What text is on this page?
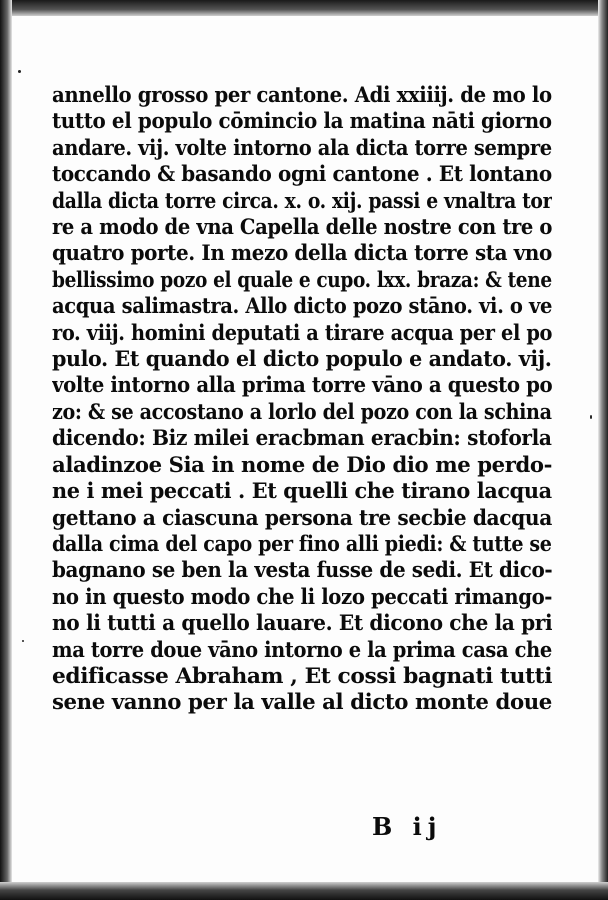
annello grosso per cantone. Adi xxiiij. de mo lo
tutto el populo cōmincio la matina nāti giorno
andare. vij. volte intorno ala dicta torre sempre
toccando & basando ogni cantone . Et lontano
dalla dicta torre circa. x. o. xij. passi e vnaltra tor
re a modo de vna Capella delle nostre con tre o
quatro porte. In mezo della dicta torre sta vno
bellissimo pozo el quale e cupo. lxx. braza: & tene
acqua salimastra. Allo dicto pozo stāno. vi. o ve
ro. viij. homini deputati a tirare acqua per el po
pulo. Et quando el dicto populo e andato. vij.
volte intorno alla prima torre vāno a questo po
zo: & se accostano a lorlo del pozo con la schina
dicendo: Biz milei eracbman eracbin: stoforla
aladinzoe Sia in nome de Dio dio me perdo-
ne i mei peccati . Et quelli che tirano lacqua
gettano a ciascuna persona tre secbie dacqua
dalla cima del capo per fino alli piedi: & tutte se
bagnano se ben la vesta fusse de sedi. Et dico-
no in questo modo che li lozo peccati rimango-
no li tutti a quello lauare. Et dicono che la pri
ma torre doue vāno intorno e la prima casa che
edificasse Abraham , Et cossi bagnati tutti
sene vanno per la valle al dicto monte doue
B ij
